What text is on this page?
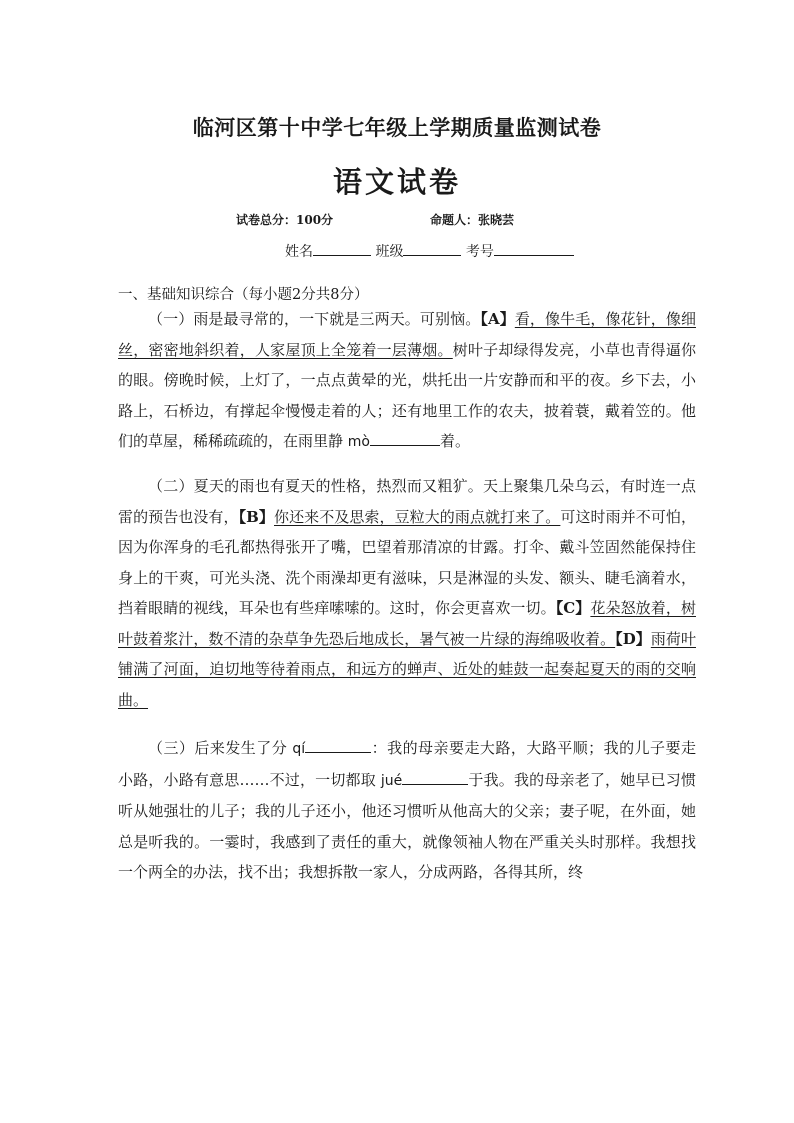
临河区第十中学七年级上学期质量监测试卷
语文试卷
试卷总分：100分	命题人：张晓芸
姓名	班级	考号
一、基础知识综合（每小题2分共8分）

（一）雨是最寻常的，一下就是三两天。可别恼。【A】看，像牛毛，像花针，像细丝，密密地斜织着，人家屋顶上全笼着一层薄烟。树叶子却绿得发亮，小草也青得逼你的眼。傍晚时候，上灯了，一点点黄晕的光，烘托出一片安静而和平的夜。乡下去，小路上，石桥边，有撑起伞慢慢走着的人；还有地里工作的农夫，披着蓑，戴着笠的。他们的草屋，稀稀疏疏的，在雨里静 mò	着。

（二）夏天的雨也有夏天的性格，热烈而又粗犷。天上聚集几朵乌云，有时连一点雷的预告也没有，【B】你还来不及思索，豆粒大的雨点就打来了。可这时雨并不可怕，因为你浑身的毛孔都热得张开了嘴，巴望着那清凉的甘露。打伞、戴斗笠固然能保持住身上的干爽，可光头浇、洗个雨澡却更有滋味，只是淋湿的头发、额头、睫毛滴着水，挡着眼睛的视线，耳朵也有些痒嗦嗦的。这时，你会更喜欢一切。【C】花朵怒放着，树叶鼓着浆汁，数不清的杂草争先恐后地成长，暑气被一片绿的海绵吸收着。【D】雨荷叶铺满了河面，迫切地等待着雨点，和远方的蝉声、近处的蛙鼓一起奏起夏天的雨的交响曲。

（三）后来发生了分 qí	：我的母亲要走大路，大路平顺；我的儿子要走小路，小路有意思……不过，一切都取 jué	于我。我的母亲老了，她早已习惯听从她强壮的儿子；我的儿子还小，他还习惯听从他高大的父亲；妻子呢，在外面，她总是听我的。一霎时，我感到了责任的重大，就像领袖人物在严重关头时那样。我想找一个两全的办法，找不出；我想拆散一家人，分成两路，各得其所，终
